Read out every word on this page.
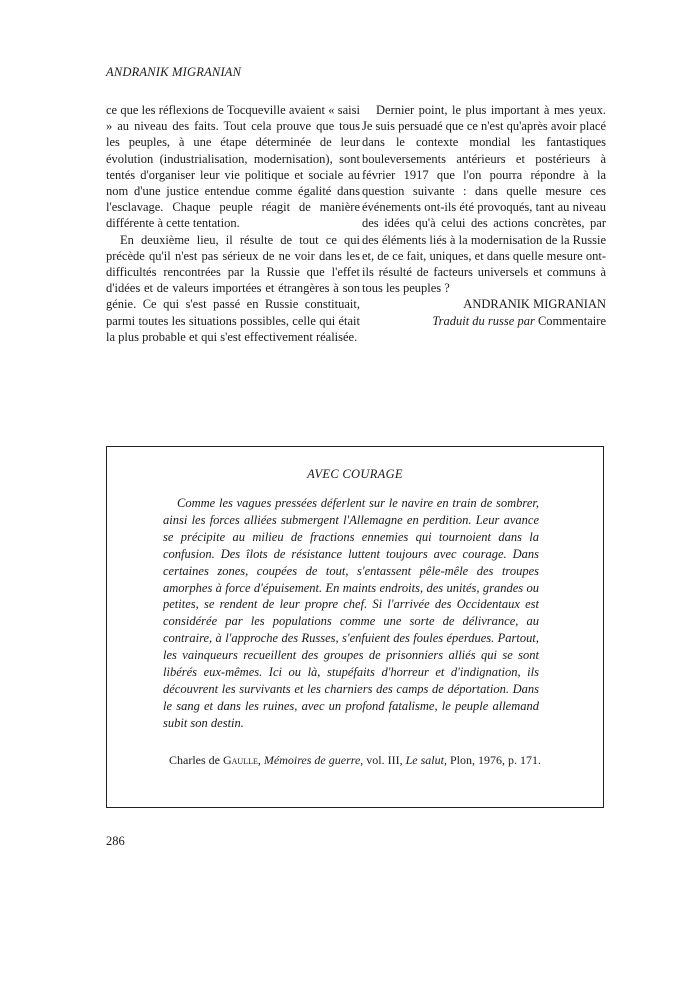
ANDRANIK MIGRANIAN

ce que les réflexions de Tocqueville avaient « saisi » au niveau des faits. Tout cela prouve que tous les peuples, à une étape déterminée de leur évolution (industrialisation, modernisation), sont tentés d'organiser leur vie politique et sociale au nom d'une justice entendue comme égalité dans l'esclavage. Chaque peuple réagit de manière différente à cette tentation.

En deuxième lieu, il résulte de tout ce qui précède qu'il n'est pas sérieux de ne voir dans les difficultés rencontrées par la Russie que l'effet d'idées et de valeurs importées et étrangères à son génie. Ce qui s'est passé en Russie constituait, parmi toutes les situations possibles, celle qui était la plus probable et qui s'est effectivement réalisée.

Dernier point, le plus important à mes yeux. Je suis persuadé que ce n'est qu'après avoir placé dans le contexte mondial les fantastiques bouleversements antérieurs et postérieurs à février 1917 que l'on pourra répondre à la question suivante : dans quelle mesure ces événements ont-ils été provoqués, tant au niveau des idées qu'à celui des actions concrètes, par des éléments liés à la modernisation de la Russie et, de ce fait, uniques, et dans quelle mesure ont-ils résulté de facteurs universels et communs à tous les peuples ?

ANDRANIK MIGRANIAN

Traduit du russe par Commentaire

AVEC COURAGE

Comme les vagues pressées déferlent sur le navire en train de sombrer, ainsi les forces alliées submergent l'Allemagne en perdition. Leur avance se précipite au milieu de fractions ennemies qui tournoient dans la confusion. Des îlots de résistance luttent toujours avec courage. Dans certaines zones, coupées de tout, s'entassent pêle-mêle des troupes amorphes à force d'épuisement. En maints endroits, des unités, grandes ou petites, se rendent de leur propre chef. Si l'arrivée des Occidentaux est considérée par les populations comme une sorte de délivrance, au contraire, à l'approche des Russes, s'enfuient des foules éperdues. Partout, les vainqueurs recueillent des groupes de prisonniers alliés qui se sont libérés eux-mêmes. Ici ou là, stupéfaits d'horreur et d'indignation, ils découvrent les survivants et les charniers des camps de déportation. Dans le sang et dans les ruines, avec un profond fatalisme, le peuple allemand subit son destin.

Charles de Gaulle, Mémoires de guerre, vol. III, Le salut, Plon, 1976, p. 171.
286
